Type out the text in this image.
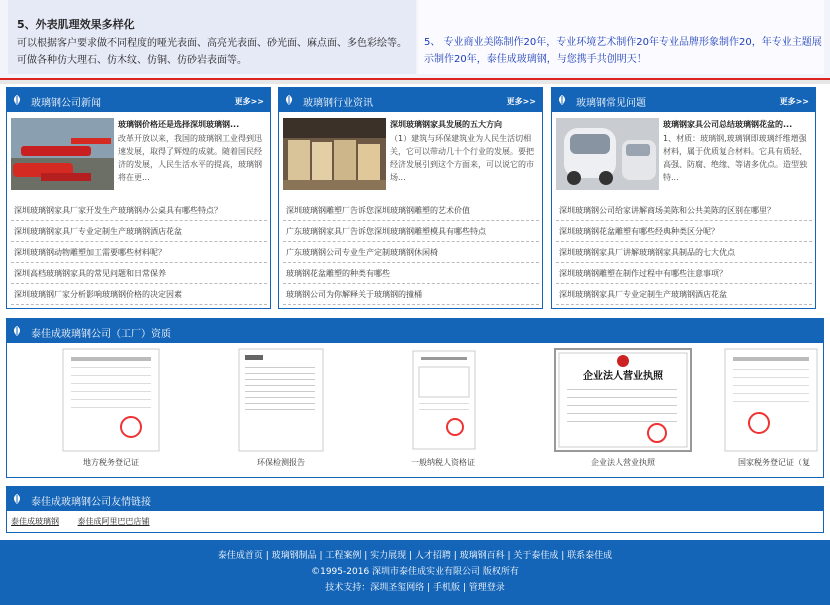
5、外表肌理效果多样化

可以根据客户要求做不同程度的哑光表面、高亮光表面、砂光面、麻点面、多色彩绘等。可做各种仿大理石、仿木纹、仿铜、仿砂岩表面等。

5、 专业商业美陈制作20年，专业环境艺术制作20年专业品牌形象制作20，年专业主题展示制作20年，泰佳成玻璃钢，与您携手共创明天！

玻璃钢公司新闻	更多>>
玻璃钢价格还是选择深圳玻璃钢...
改革开放以来，我国的玻璃钢工业得到迅速发展，取得了辉煌的成就。随着国民经济的发展，人民生活水平的提高，玻璃钢将在更...
深圳玻璃钢家具厂家开发生产玻璃钢办公桌具有哪些特点？
深圳玻璃钢家具厂专业定制生产玻璃钢酒店花盆
深圳玻璃钢动物雕塑加工需要哪些材料呢？
深圳高档玻璃钢家具的常见问题和日常保养
深圳玻璃钢厂家分析影响玻璃钢价格的决定因素
玻璃钢行业资讯	更多>>
深圳玻璃钢家具发展的五大方向
（1）建筑与环保建筑业为人民生活切相关，它可以带动几十个行业的发展。要把经济发展引到这个方面来，可以说它的市场...
深圳玻璃钢雕塑厂告诉您深圳玻璃钢雕塑的艺术价值
广东玻璃钢家具厂告诉您深圳玻璃钢雕塑模具有哪些特点
广东玻璃钢公司专业生产定制玻璃钢休闲椅
玻璃钢花盆雕塑的种类有哪些
玻璃钢公司为你解释关于玻璃钢的撞桶
玻璃钢常见问题	更多>>
玻璃钢家具公司总结玻璃钢花盆的...
1、材质：玻璃钢,玻璃钢即玻璃纤维增强材料，属于优质复合材料。它具有质轻、高强、防腐、绝缘、等诸多优点。造型独特...
深圳玻璃钢公司给家讲解商场美陈和公共美陈的区别在哪里？
深圳玻璃钢花盆雕塑有哪些经典种类区分呢？
深圳玻璃钢家具厂讲解玻璃钢家具制品的七大优点
深圳玻璃钢雕塑在制作过程中有哪些注意事项？
深圳玻璃钢家具厂专业定制生产玻璃钢酒店花盆
泰佳成玻璃钢公司（工厂）资质
地方税务登记证	环保检测报告	一般纳税人资格证
企业法人营业执照
企业法人营业执照	国家税务登记证（复
泰佳成玻璃钢公司友情链接
泰佳成玻璃钢 泰佳成阿里巴巴店铺
泰佳成首页 | 玻璃钢制品 | 工程案例 | 实力展现 | 人才招聘 | 玻璃钢百科 | 关于泰佳成 | 联系泰佳成
©1995-2016 深圳市泰佳成实业有限公司 版权所有
技术支持：深圳圣玺网络 | 手机版 | 管理登录
